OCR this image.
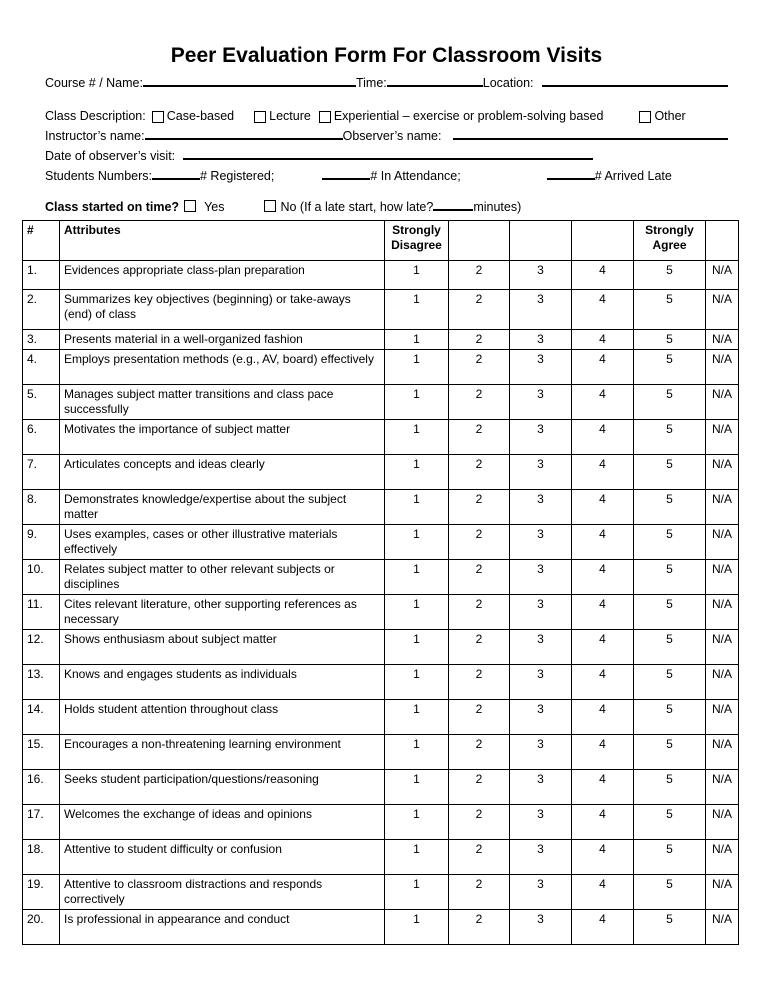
Peer Evaluation Form For Classroom Visits
Course # / Name:	Time:	Location:
Class Description: Case-based	Lecture Experiential – exercise or problem-solving based	Other
Instructor’s name:	Observer’s name:
Date of observer’s visit:
Students Numbers:	# Registered;	# In Attendance;	# Arrived Late
Class started on time? Yes	No (If a late start, how late?	minutes)
#	Attributes	Strongly Disagree				Strongly Agree	
1.	Evidences appropriate class-plan preparation	1	2	3	4	5	N/A
2.	Summarizes key objectives (beginning) or take-aways (end) of class	1	2	3	4	5	N/A
3.	Presents material in a well-organized fashion	1	2	3	4	5	N/A
4.	Employs presentation methods (e.g., AV, board) effectively	1	2	3	4	5	N/A
5.	Manages subject matter transitions and class pace successfully	1	2	3	4	5	N/A
6.	Motivates the importance of subject matter	1	2	3	4	5	N/A
7.	Articulates concepts and ideas clearly	1	2	3	4	5	N/A
8.	Demonstrates knowledge/expertise about the subject matter	1	2	3	4	5	N/A
9.	Uses examples, cases or other illustrative materials effectively	1	2	3	4	5	N/A
10.	Relates subject matter to other relevant subjects or disciplines	1	2	3	4	5	N/A
11.	Cites relevant literature, other supporting references as necessary	1	2	3	4	5	N/A
12.	Shows enthusiasm about subject matter	1	2	3	4	5	N/A
13.	Knows and engages students as individuals	1	2	3	4	5	N/A
14.	Holds student attention throughout class	1	2	3	4	5	N/A
15.	Encourages a non-threatening learning environment	1	2	3	4	5	N/A
16.	Seeks student participation/questions/reasoning	1	2	3	4	5	N/A
17.	Welcomes the exchange of ideas and opinions	1	2	3	4	5	N/A
18.	Attentive to student difficulty or confusion	1	2	3	4	5	N/A
19.	Attentive to classroom distractions and responds correctively	1	2	3	4	5	N/A
20.	Is professional in appearance and conduct	1	2	3	4	5	N/A
